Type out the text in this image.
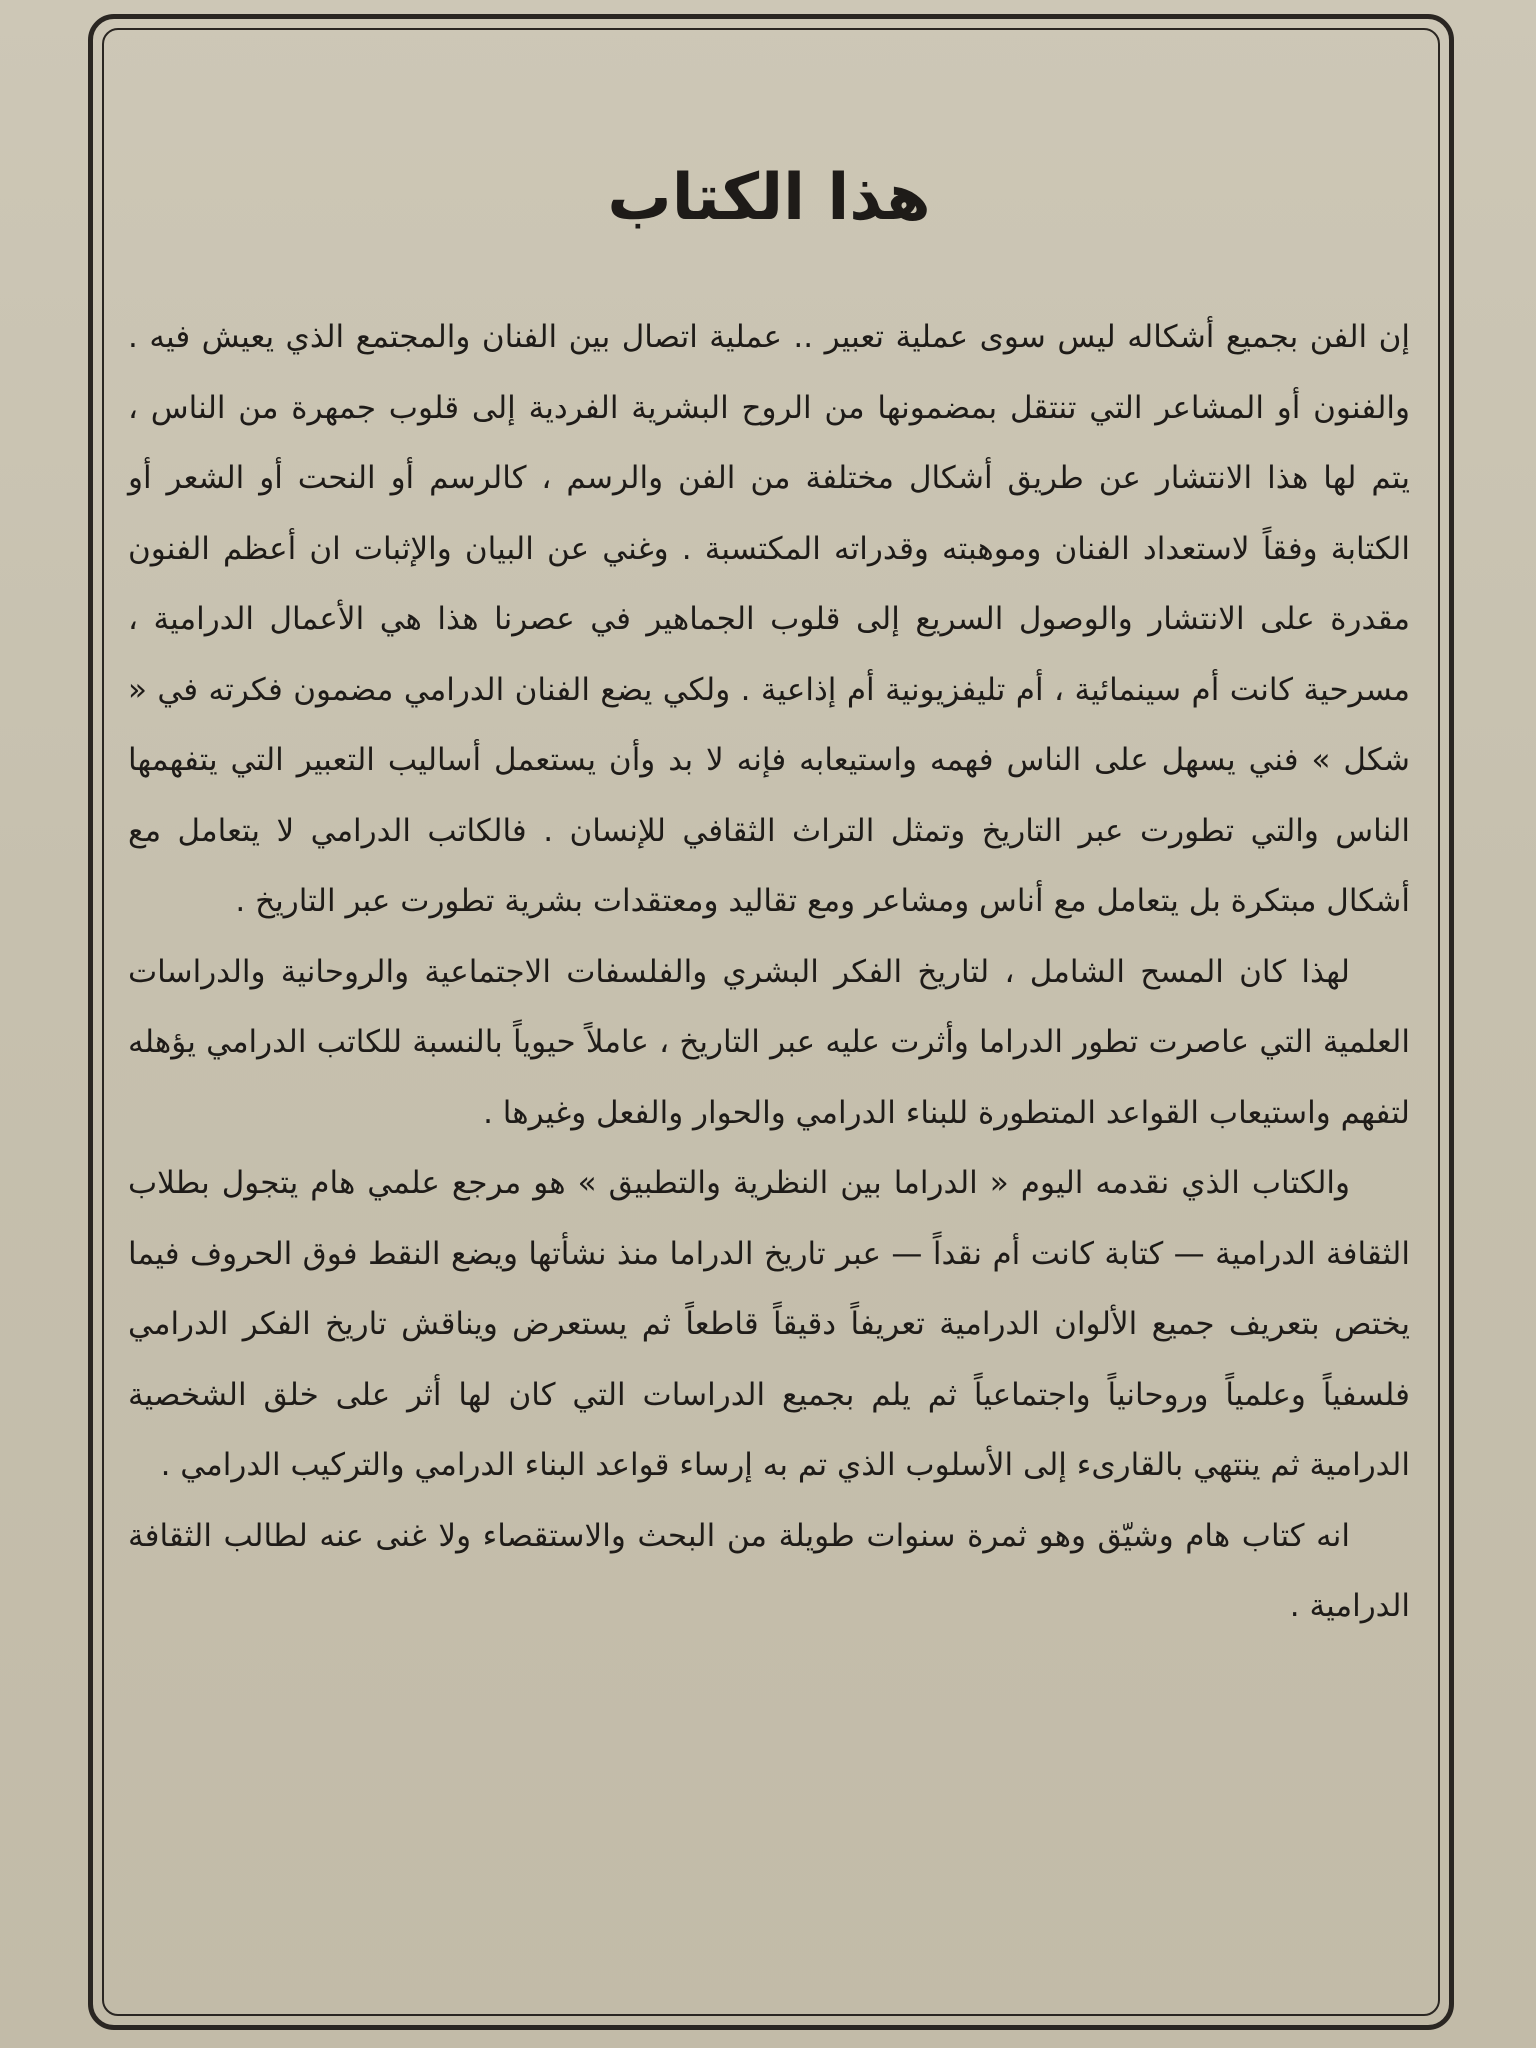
هذا الكتاب

إن الفن بجميع أشكاله ليس سوى عملية تعبير .. عملية اتصال بين الفنان والمجتمع الذي يعيش فيه . والفنون أو المشاعر التي تنتقل بمضمونها من الروح البشرية الفردية إلى قلوب جمهرة من الناس ، يتم لها هذا الانتشار عن طريق أشكال مختلفة من الفن والرسم ، كالرسم أو النحت أو الشعر أو الكتابة وفقاً لاستعداد الفنان وموهبته وقدراته المكتسبة . وغني عن البيان والإثبات ان أعظم الفنون مقدرة على الانتشار والوصول السريع إلى قلوب الجماهير في عصرنا هذا هي الأعمال الدرامية ، مسرحية كانت أم سينمائية ، أم تليفزيونية أم إذاعية . ولكي يضع الفنان الدرامي مضمون فكرته في « شكل » فني يسهل على الناس فهمه واستيعابه فإنه لا بد وأن يستعمل أساليب التعبير التي يتفهمها الناس والتي تطورت عبر التاريخ وتمثل التراث الثقافي للإنسان . فالكاتب الدرامي لا يتعامل مع أشكال مبتكرة بل يتعامل مع أناس ومشاعر ومع تقاليد ومعتقدات بشرية تطورت عبر التاريخ .

لهذا كان المسح الشامل ، لتاريخ الفكر البشري والفلسفات الاجتماعية والروحانية والدراسات العلمية التي عاصرت تطور الدراما وأثرت عليه عبر التاريخ ، عاملاً حيوياً بالنسبة للكاتب الدرامي يؤهله لتفهم واستيعاب القواعد المتطورة للبناء الدرامي والحوار والفعل وغيرها .

والكتاب الذي نقدمه اليوم « الدراما بين النظرية والتطبيق » هو مرجع علمي هام يتجول بطلاب الثقافة الدرامية — كتابة كانت أم نقداً — عبر تاريخ الدراما منذ نشأتها ويضع النقط فوق الحروف فيما يختص بتعريف جميع الألوان الدرامية تعريفاً دقيقاً قاطعاً ثم يستعرض ويناقش تاريخ الفكر الدرامي فلسفياً وعلمياً وروحانياً واجتماعياً ثم يلم بجميع الدراسات التي كان لها أثر على خلق الشخصية الدرامية ثم ينتهي بالقارىء إلى الأسلوب الذي تم به إرساء قواعد البناء الدرامي والتركيب الدرامي .

انه كتاب هام وشيّق وهو ثمرة سنوات طويلة من البحث والاستقصاء ولا غنى عنه لطالب الثقافة الدرامية .
